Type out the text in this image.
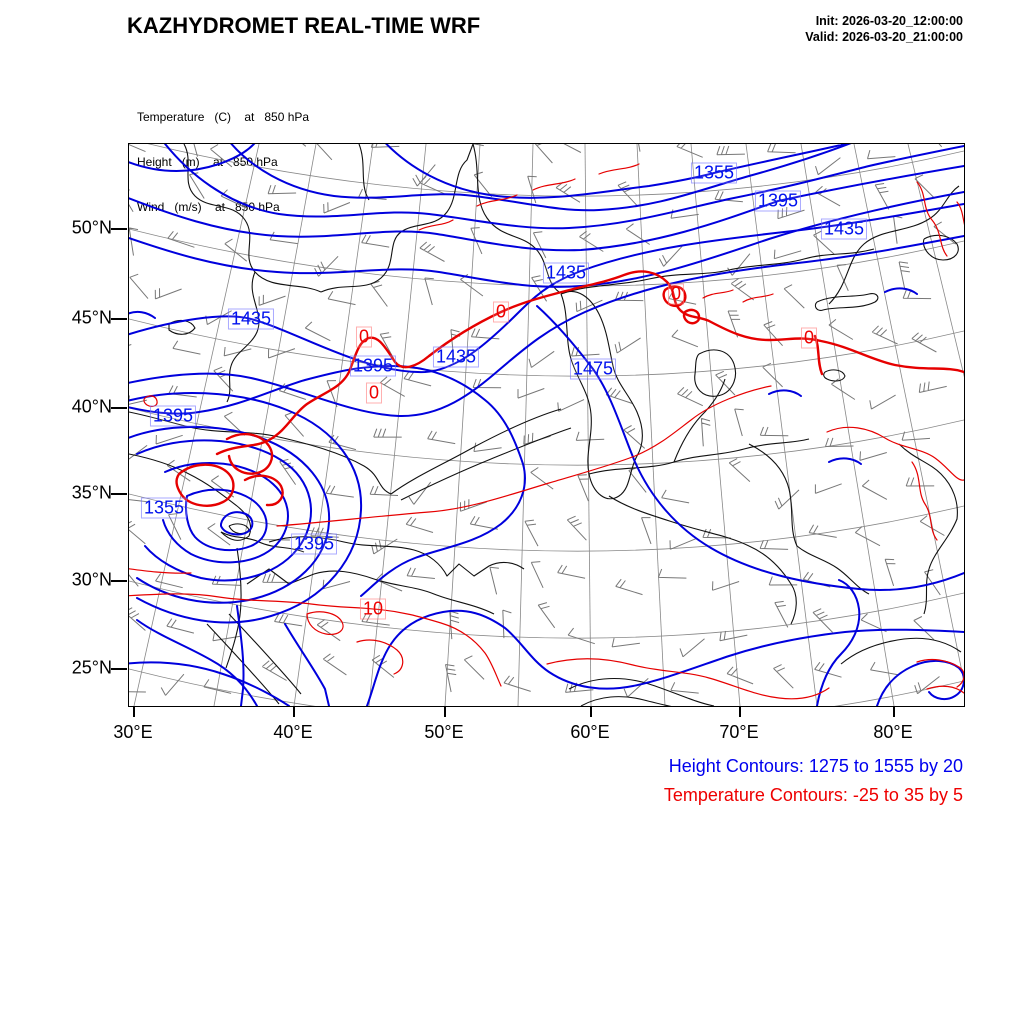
KAZHYDROMET REAL-TIME WRF	Init: 2026-03-20_12:00:00
Valid: 2026-03-20_21:00:00

Temperature   (C)    at   850 hPa

Height   (m)    at   850 hPa

Wind   (m/s)    at   850 hPa

1355
1395
1435
1435
1435
1395 1435
1475
1395
1355
1395
0
0
0
0
0
10
30°E	40°E	50°E	60°E	70°E	80°E
50°N
45°N
40°N
35°N
30°N
25°N
Height Contours: 1275 to 1555 by 20
Temperature Contours: -25 to 35 by 5
